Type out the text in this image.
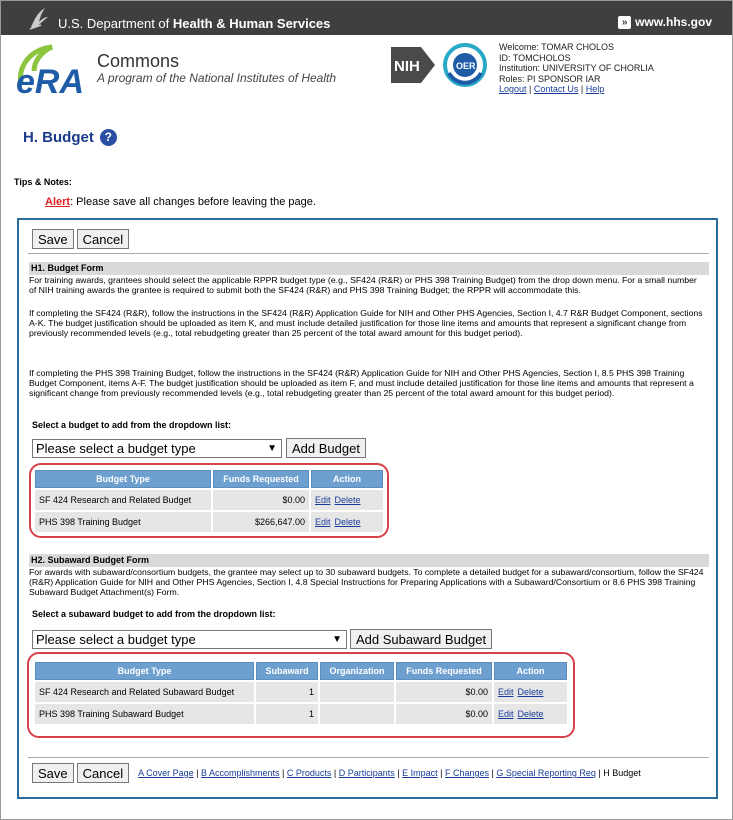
U.S. Department of Health & Human Services	» www.hhs.gov
eRA
Commons
A program of the National Institutes of Health
NIH	OER
Welcome: TOMAR CHOLOS
ID: TOMCHOLOS
Institution: UNIVERSITY OF CHORLIA
Roles: PI SPONSOR IAR
Logout | Contact Us | Help
H. Budget ?
Tips & Notes:
Alert: Please save all changes before leaving the page.
Save	Cancel
H1. Budget Form
For training awards, grantees should select the applicable RPPR budget type (e.g., SF424 (R&R) or PHS 398 Training Budget) from the drop down menu. For a small number of NIH training awards the grantee is required to submit both the SF424 (R&R) and PHS 398 Training Budget; the RPPR will accommodate this.
If completing the SF424 (R&R), follow the instructions in the SF424 (R&R) Application Guide for NIH and Other PHS Agencies, Section I, 4.7 R&R Budget Component, sections A-K. The budget justification should be uploaded as item K, and must include detailed justification for those line items and amounts that represent a significant change from previously recommended levels (e.g., total rebudgeting greater than 25 percent of the total award amount for this budget period).
If completing the PHS 398 Training Budget, follow the instructions in the SF424 (R&R) Application Guide for NIH and Other PHS Agencies, Section I, 8.5 PHS 398 Training Budget Component, items A-F. The budget justification should be uploaded as item F, and must include detailed justification for those line items and amounts that represent a significant change from previously recommended levels (e.g., total rebudgeting greater than 25 percent of the total award amount for this budget period).
Select a budget to add from the dropdown list:
Please select a budget type	▼	Add Budget
Budget Type	Funds Requested	Action
SF 424 Research and Related Budget	$0.00	Edit Delete
PHS 398 Training Budget	$266,647.00	Edit Delete
H2. Subaward Budget Form
For awards with subaward/consortium budgets, the grantee may select up to 30 subaward budgets. To complete a detailed budget for a subaward/consortium, follow the SF424 (R&R) Application Guide for NIH and Other PHS Agencies, Section I, 4.8 Special Instructions for Preparing Applications with a Subaward/Consortium or 8.6 PHS 398 Training Subaward Budget Attachment(s) Form.
Select a subaward budget to add from the dropdown list:
Please select a budget type	▼	Add Subaward Budget
Budget Type	Subaward	Organization	Funds Requested	Action
SF 424 Research and Related Subaward Budget	1		$0.00	Edit Delete
PHS 398 Training Subaward Budget	1		$0.00	Edit Delete
Save	Cancel	A Cover Page | B Accomplishments | C Products | D Participants | E Impact | F Changes | G Special Reporting Req | H Budget
